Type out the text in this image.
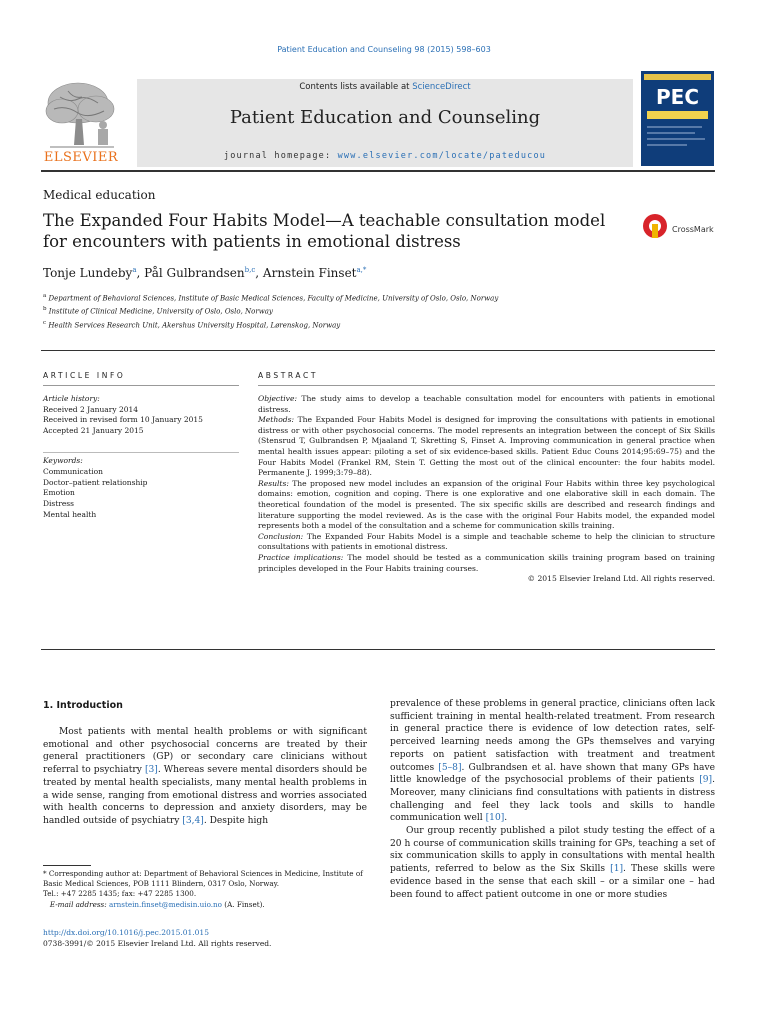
Patient Education and Counseling 98 (2015) 598–603
Contents lists available at ScienceDirect
Patient Education and Counseling
journal homepage: www.elsevier.com/locate/pateducou
ELSEVIER
PEC
Medical education
The Expanded Four Habits Model—A teachable consultation model for encounters with patients in emotional distress
CrossMark
Tonje Lundeby$^a$, Pål Gulbrandsen$^{b,c}$, Arnstein Finset$^{a,*}$
$^a$ Department of Behavioral Sciences, Institute of Basic Medical Sciences, Faculty of Medicine, University of Oslo, Oslo, Norway
$^b$ Institute of Clinical Medicine, University of Oslo, Oslo, Norway
$^c$ Health Services Research Unit, Akershus University Hospital, Lørenskog, Norway
ARTICLE INFO
Article history:
Received 2 January 2014
Received in revised form 10 January 2015
Accepted 21 January 2015
Keywords:
Communication
Doctor–patient relationship
Emotion
Distress
Mental health
ABSTRACT

Objective: The study aims to develop a teachable consultation model for encounters with patients in emotional distress.

Methods: The Expanded Four Habits Model is designed for improving the consultations with patients in emotional distress or with other psychosocial concerns. The model represents an integration between the concept of Six Skills (Stensrud T, Gulbrandsen P, Mjaaland T, Skretting S, Finset A. Improving communication in general practice when mental health issues appear: piloting a set of six evidence-based skills. Patient Educ Couns 2014;95:69–75) and the Four Habits Model (Frankel RM, Stein T. Getting the most out of the clinical encounter: the four habits model. Permanente J. 1999;3:79–88).

Results: The proposed new model includes an expansion of the original Four Habits within three key psychological domains: emotion, cognition and coping. There is one explorative and one elaborative skill in each domain. The theoretical foundation of the model is presented. The six specific skills are described and research findings and literature supporting the model reviewed. As is the case with the original Four Habits model, the expanded model represents both a model of the consultation and a scheme for communication skills training.

Conclusion: The Expanded Four Habits Model is a simple and teachable scheme to help the clinician to structure consultations with patients in emotional distress.

Practice implications: The model should be tested as a communication skills training program based on training principles developed in the Four Habits training courses.

© 2015 Elsevier Ireland Ltd. All rights reserved.

1. Introduction

Most patients with mental health problems or with significant emotional and other psychosocial concerns are treated by their general practitioners (GP) or secondary care clinicians without referral to psychiatry [3]. Whereas severe mental disorders should be treated by mental health specialists, many mental health problems in a wide sense, ranging from emotional distress and worries associated with health concerns to depression and anxiety disorders, may be handled outside of psychiatry [3,4]. Despite high

prevalence of these problems in general practice, clinicians often lack sufficient training in mental health-related treatment. From research in general practice there is evidence of low detection rates, self-perceived learning needs among the GPs themselves and varying reports on patient satisfaction with treatment and treatment outcomes [5–8]. Gulbrandsen et al. have shown that many GPs have little knowledge of the psychosocial problems of their patients [9]. Moreover, many clinicians find consultations with patients in distress challenging and feel they lack tools and skills to handle communication well [10].

Our group recently published a pilot study testing the effect of a 20 h course of communication skills training for GPs, teaching a set of six communication skills to apply in consultations with mental health patients, referred to below as the Six Skills [1]. These skills were evidence based in the sense that each skill – or a similar one – had been found to affect patient outcome in one or more studies

* Corresponding author at: Department of Behavioral Sciences in Medicine, Institute of Basic Medical Sciences, POB 1111 Blindern, 0317 Oslo, Norway.

Tel.: +47 2285 1435; fax: +47 2285 1300.

E-mail address: arnstein.finset@medisin.uio.no (A. Finset).

http://dx.doi.org/10.1016/j.pec.2015.01.015
0738-3991/© 2015 Elsevier Ireland Ltd. All rights reserved.
